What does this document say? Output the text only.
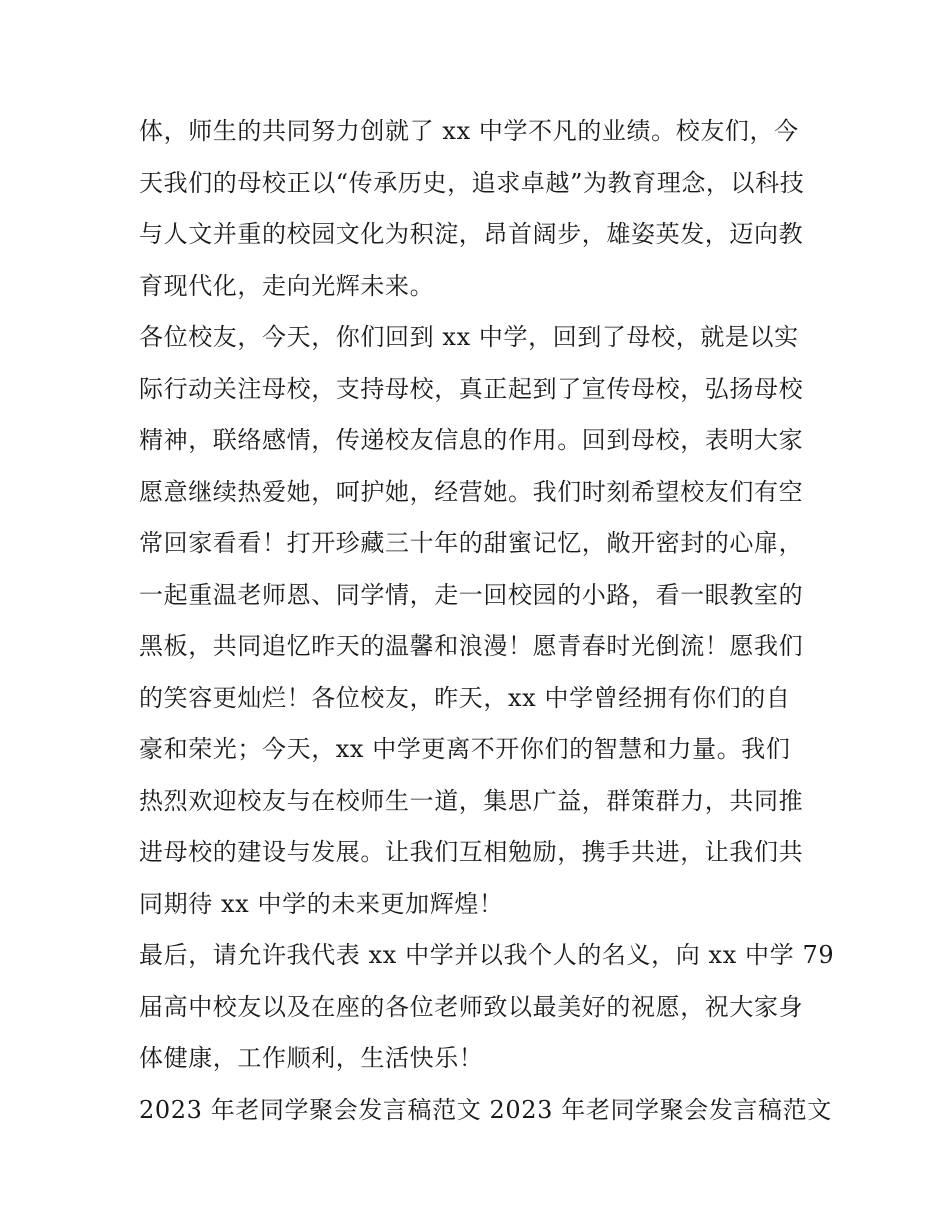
体，师生的共同努力创就了 xx 中学不凡的业绩。校友们，今
天我们的母校正以“传承历史，追求卓越”为教育理念，以科技
与人文并重的校园文化为积淀，昂首阔步，雄姿英发，迈向教
育现代化，走向光辉未来。
各位校友，今天，你们回到 xx 中学，回到了母校，就是以实
际行动关注母校，支持母校，真正起到了宣传母校，弘扬母校
精神，联络感情，传递校友信息的作用。回到母校，表明大家
愿意继续热爱她，呵护她，经营她。我们时刻希望校友们有空
常回家看看！打开珍藏三十年的甜蜜记忆，敞开密封的心扉，
一起重温老师恩、同学情，走一回校园的小路，看一眼教室的
黑板，共同追忆昨天的温馨和浪漫！愿青春时光倒流！愿我们
的笑容更灿烂！各位校友，昨天，xx 中学曾经拥有你们的自
豪和荣光；今天，xx 中学更离不开你们的智慧和力量。我们
热烈欢迎校友与在校师生一道，集思广益，群策群力，共同推
进母校的建设与发展。让我们互相勉励，携手共进，让我们共
同期待 xx 中学的未来更加辉煌！
最后，请允许我代表 xx 中学并以我个人的名义，向 xx 中学 79
届高中校友以及在座的各位老师致以最美好的祝愿，祝大家身
体健康，工作顺利，生活快乐！
2023 年老同学聚会发言稿范文 2023 年老同学聚会发言稿范文
